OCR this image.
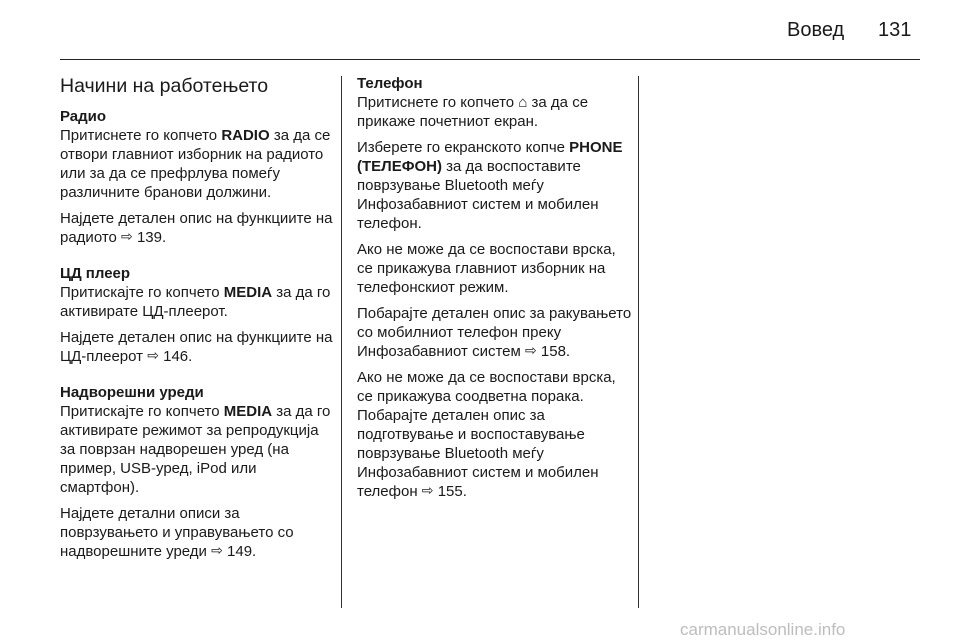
Вовед 131
Начини на работењето

Радио

Притиснете го копчето RADIO за да се отвори главниот изборник на радиото или за да се префрлува помеѓу различните бранови должини.

Најдете детален опис на функциите на радиото ⇨ 139.

ЦД плеер

Притискајте го копчето MEDIA за да го активирате ЦД-плеерот.

Најдете детален опис на функциите на ЦД-плеерот ⇨ 146.

Надворешни уреди

Притискајте го копчето MEDIA за да го активирате режимот за репродукција за поврзан надворешен уред (на пример, USB-уред, iPod или смартфон).

Најдете детални описи за поврзувањето и управувањето со надворешните уреди ⇨ 149.

Телефон

Притиснете го копчето ⌂ за да се прикаже почетниот екран.

Изберете го екранското копче PHONE (ТЕЛЕФОН) за да воспоставите поврзување Bluetooth меѓу Инфозабавниот систем и мобилен телефон.

Ако не може да се воспостави врска, се прикажува главниот изборник на телефонскиот режим.

Побарајте детален опис за ракувањето со мобилниот телефон преку Инфозабавниот систем ⇨ 158.

Ако не може да се воспостави врска, се прикажува соодветна порака. Побарајте детален опис за подготвување и воспоставување поврзување Bluetooth меѓу Инфозабавниот систем и мобилен телефон ⇨ 155.

carmanualsonline.info
